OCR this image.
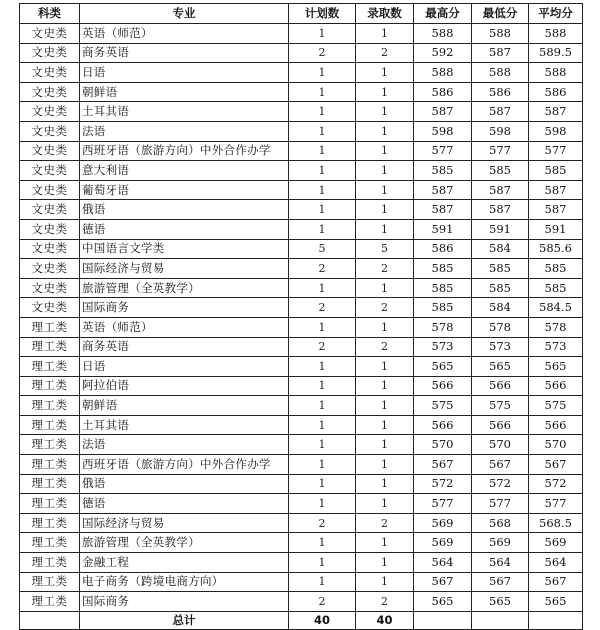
科类	专业	计划数	录取数	最高分	最低分	平均分
文史类	英语（师范）	1	1	588	588	588
文史类	商务英语	2	2	592	587	589.5
文史类	日语	1	1	588	588	588
文史类	朝鲜语	1	1	586	586	586
文史类	土耳其语	1	1	587	587	587
文史类	法语	1	1	598	598	598
文史类	西班牙语（旅游方向）中外合作办学	1	1	577	577	577
文史类	意大利语	1	1	585	585	585
文史类	葡萄牙语	1	1	587	587	587
文史类	俄语	1	1	587	587	587
文史类	德语	1	1	591	591	591
文史类	中国语言文学类	5	5	586	584	585.6
文史类	国际经济与贸易	2	2	585	585	585
文史类	旅游管理（全英教学）	1	1	585	585	585
文史类	国际商务	2	2	585	584	584.5
理工类	英语（师范）	1	1	578	578	578
理工类	商务英语	2	2	573	573	573
理工类	日语	1	1	565	565	565
理工类	阿拉伯语	1	1	566	566	566
理工类	朝鲜语	1	1	575	575	575
理工类	土耳其语	1	1	566	566	566
理工类	法语	1	1	570	570	570
理工类	西班牙语（旅游方向）中外合作办学	1	1	567	567	567
理工类	俄语	1	1	572	572	572
理工类	德语	1	1	577	577	577
理工类	国际经济与贸易	2	2	569	568	568.5
理工类	旅游管理（全英教学）	1	1	569	569	569
理工类	金融工程	1	1	564	564	564
理工类	电子商务（跨境电商方向）	1	1	567	567	567
理工类	国际商务	2	2	565	565	565
	总计	40	40			
